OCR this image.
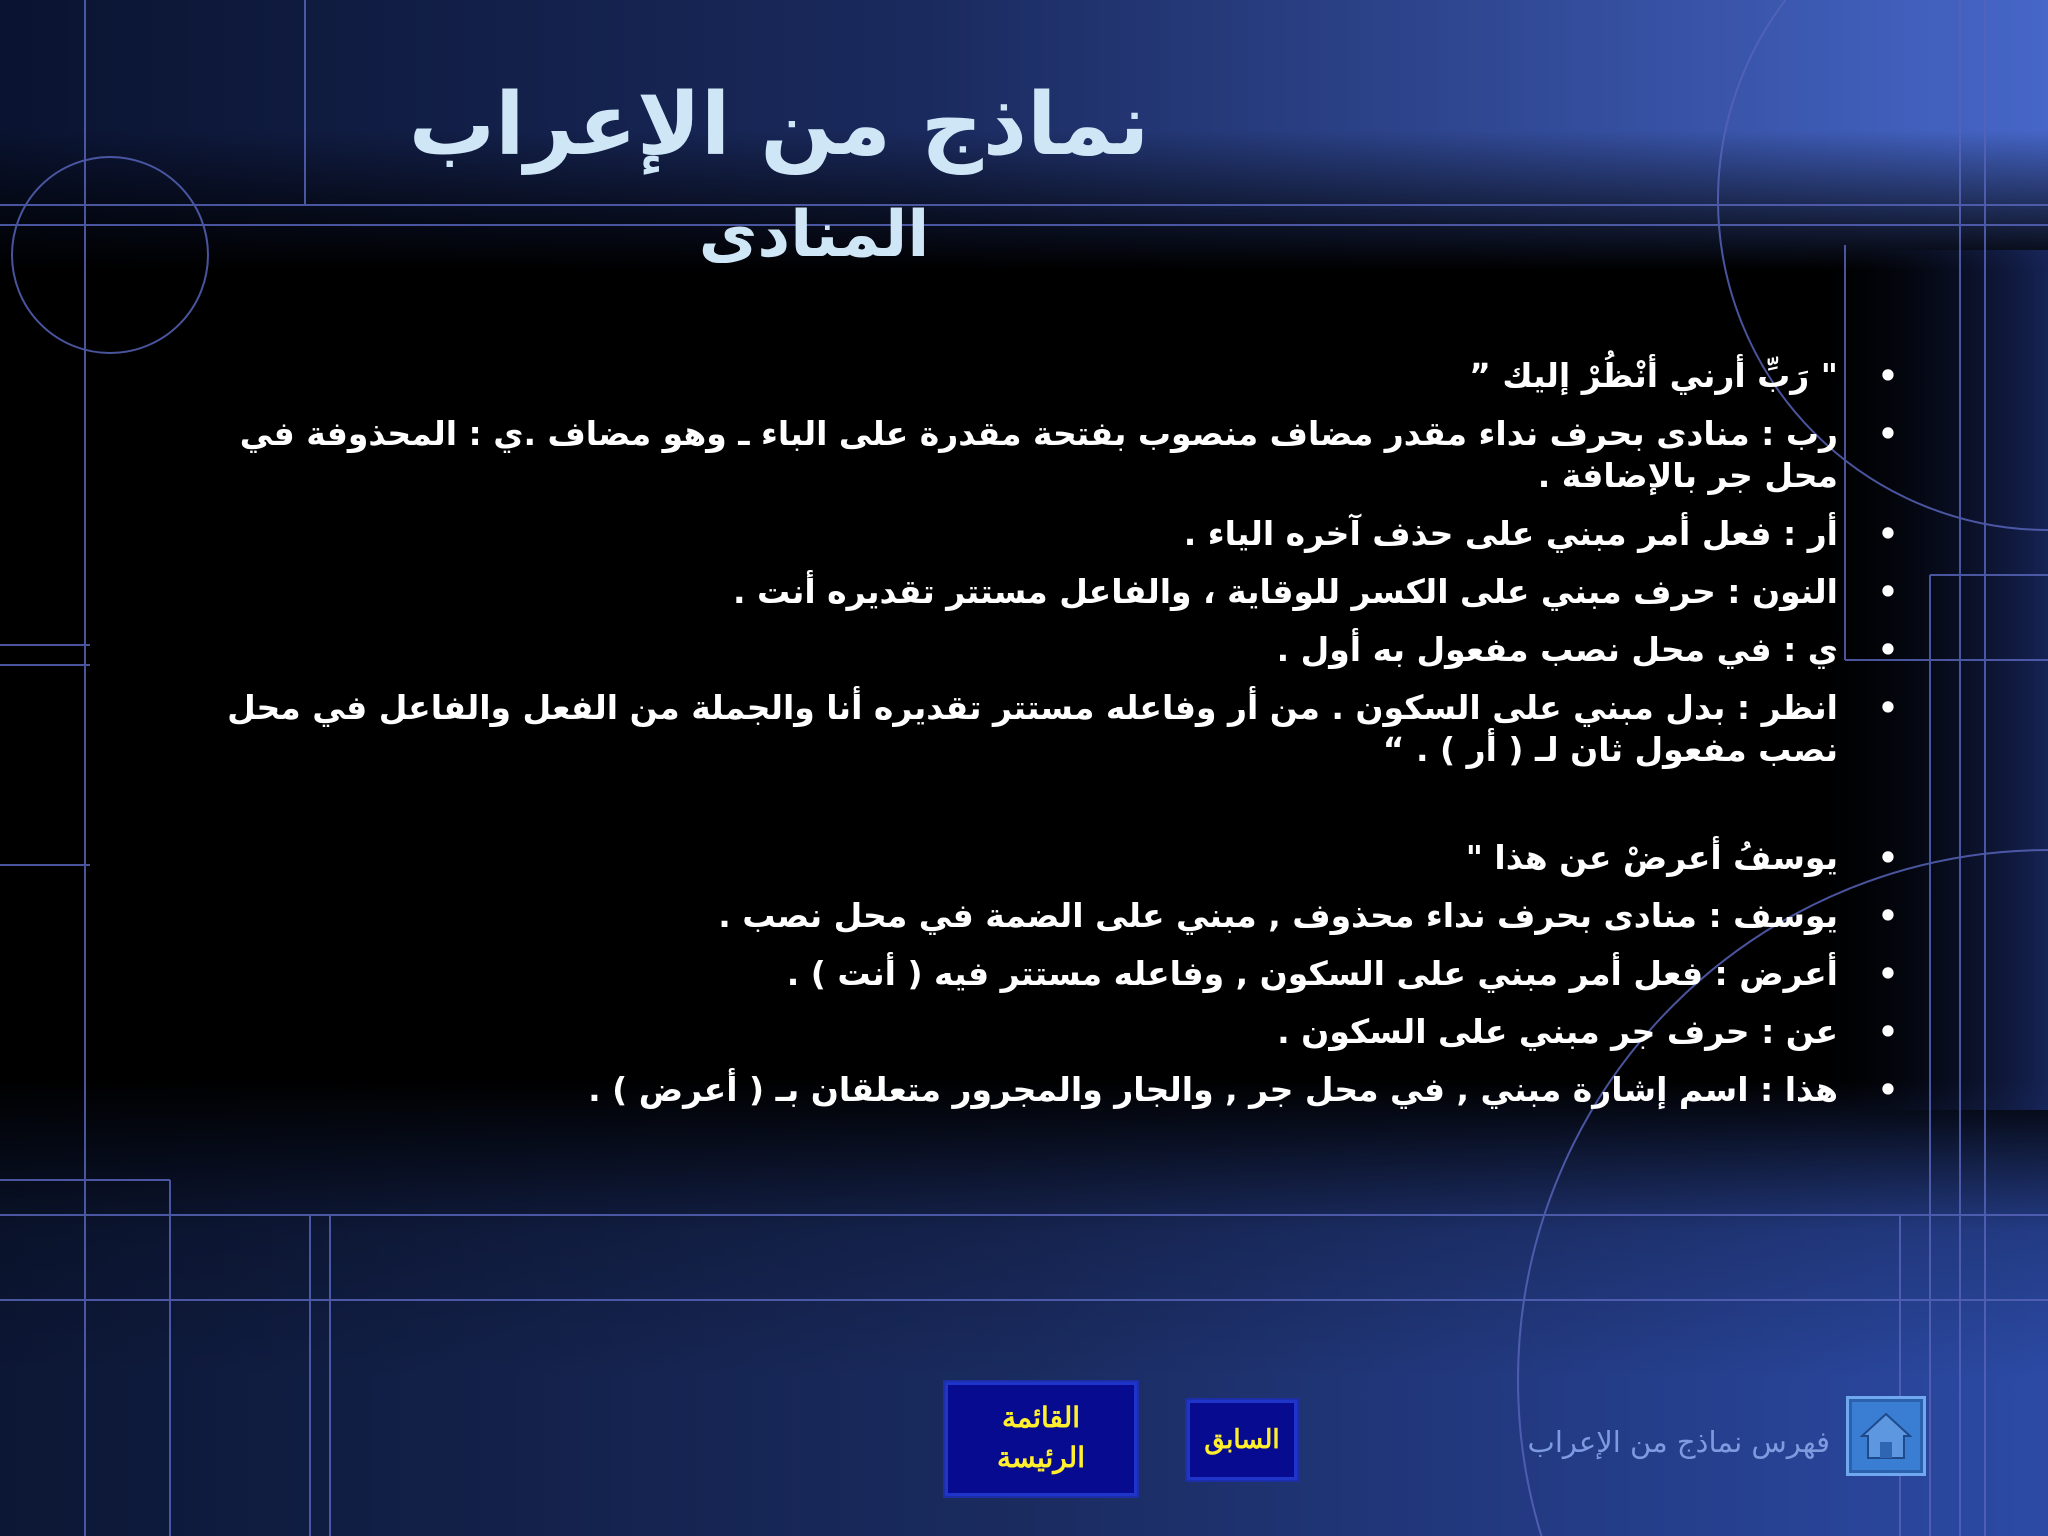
نماذج من الإعراب
المنادى
•
" رَبِّ أرني أنْظُرْ إليك ”
•
رب : منادى بحرف نداء مقدر مضاف منصوب بفتحة مقدرة على الباء ـ وهو مضاف .ي : المحذوفة في محل جر بالإضافة .
•
أر : فعل أمر مبني على حذف آخره الياء .
•
النون : حرف مبني على الكسر للوقاية ، والفاعل مستتر تقديره أنت .
•
ي : في محل نصب مفعول به أول .
•
انظر : بدل مبني على السكون . من أر وفاعله مستتر تقديره أنا والجملة من الفعل والفاعل في محل نصب مفعول ثان لـ ( أر ) . “
•
يوسفُ أعرضْ عن هذا "
•
يوسف : منادى بحرف نداء محذوف , مبني على الضمة في محل نصب .
•
أعرض : فعل أمر مبني على السكون , وفاعله مستتر فيه ( أنت ) .
•
عن : حرف جر مبني على السكون .
•
هذا : اسم إشارة مبني , في محل جر , والجار والمجرور متعلقان بـ ( أعرض ) .
القائمة
الرئيسة
السابق	فهرس نماذج من الإعراب
